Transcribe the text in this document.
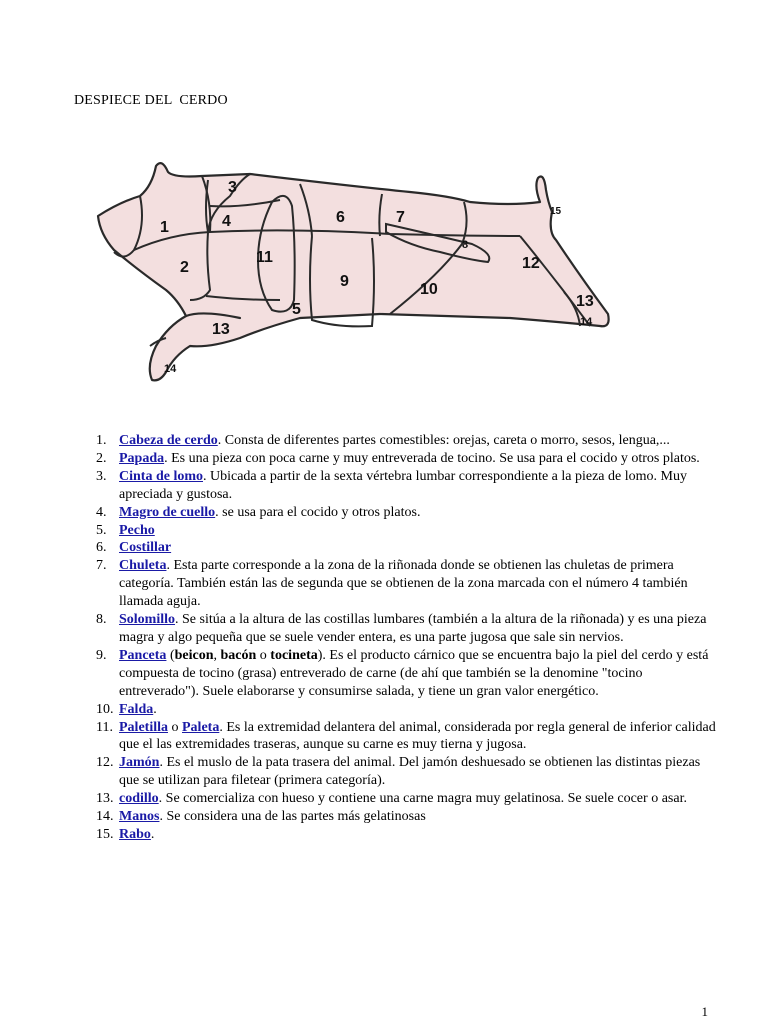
DESPIECE DEL  CERDO
1
2
3
4
5
6	7
8
9	10
11	12
13
13	14
14
15
1. Cabeza de cerdo. Consta de diferentes partes comestibles: orejas, careta o morro, sesos, lengua,...
2. Papada. Es una pieza con poca carne y muy entreverada de tocino. Se usa para el cocido y otros platos.
3. Cinta de lomo. Ubicada a partir de la sexta vértebra lumbar correspondiente a la pieza de lomo. Muy apreciada y gustosa.
4. Magro de cuello. se usa para el cocido y otros platos.
5. Pecho
6. Costillar
7. Chuleta. Esta parte corresponde a la zona de la riñonada donde se obtienen las chuletas de primera categoría. También están las de segunda que se obtienen de la zona marcada con el número 4 también llamada aguja.
8. Solomillo. Se sitúa a la altura de las costillas lumbares (también a la altura de la riñonada) y es una pieza magra y algo pequeña que se suele vender entera, es una parte jugosa que sale sin nervios.
9. Panceta (beicon, bacón o tocineta). Es el producto cárnico que se encuentra bajo la piel del cerdo y está compuesta de tocino (grasa) entreverado de carne (de ahí que también se la denomine "tocino entreverado"). Suele elaborarse y consumirse salada, y tiene un gran valor energético.
10. Falda.
11. Paletilla o Paleta. Es la extremidad delantera del animal, considerada por regla general de inferior calidad que el las extremidades traseras, aunque su carne es muy tierna y jugosa.
12. Jamón. Es el muslo de la pata trasera del animal. Del jamón deshuesado se obtienen las distintas piezas que se utilizan para filetear (primera categoría).
13. codillo. Se comercializa con hueso y contiene una carne magra muy gelatinosa. Se suele cocer o asar.
14. Manos. Se considera una de las partes más gelatinosas
15. Rabo.
1
